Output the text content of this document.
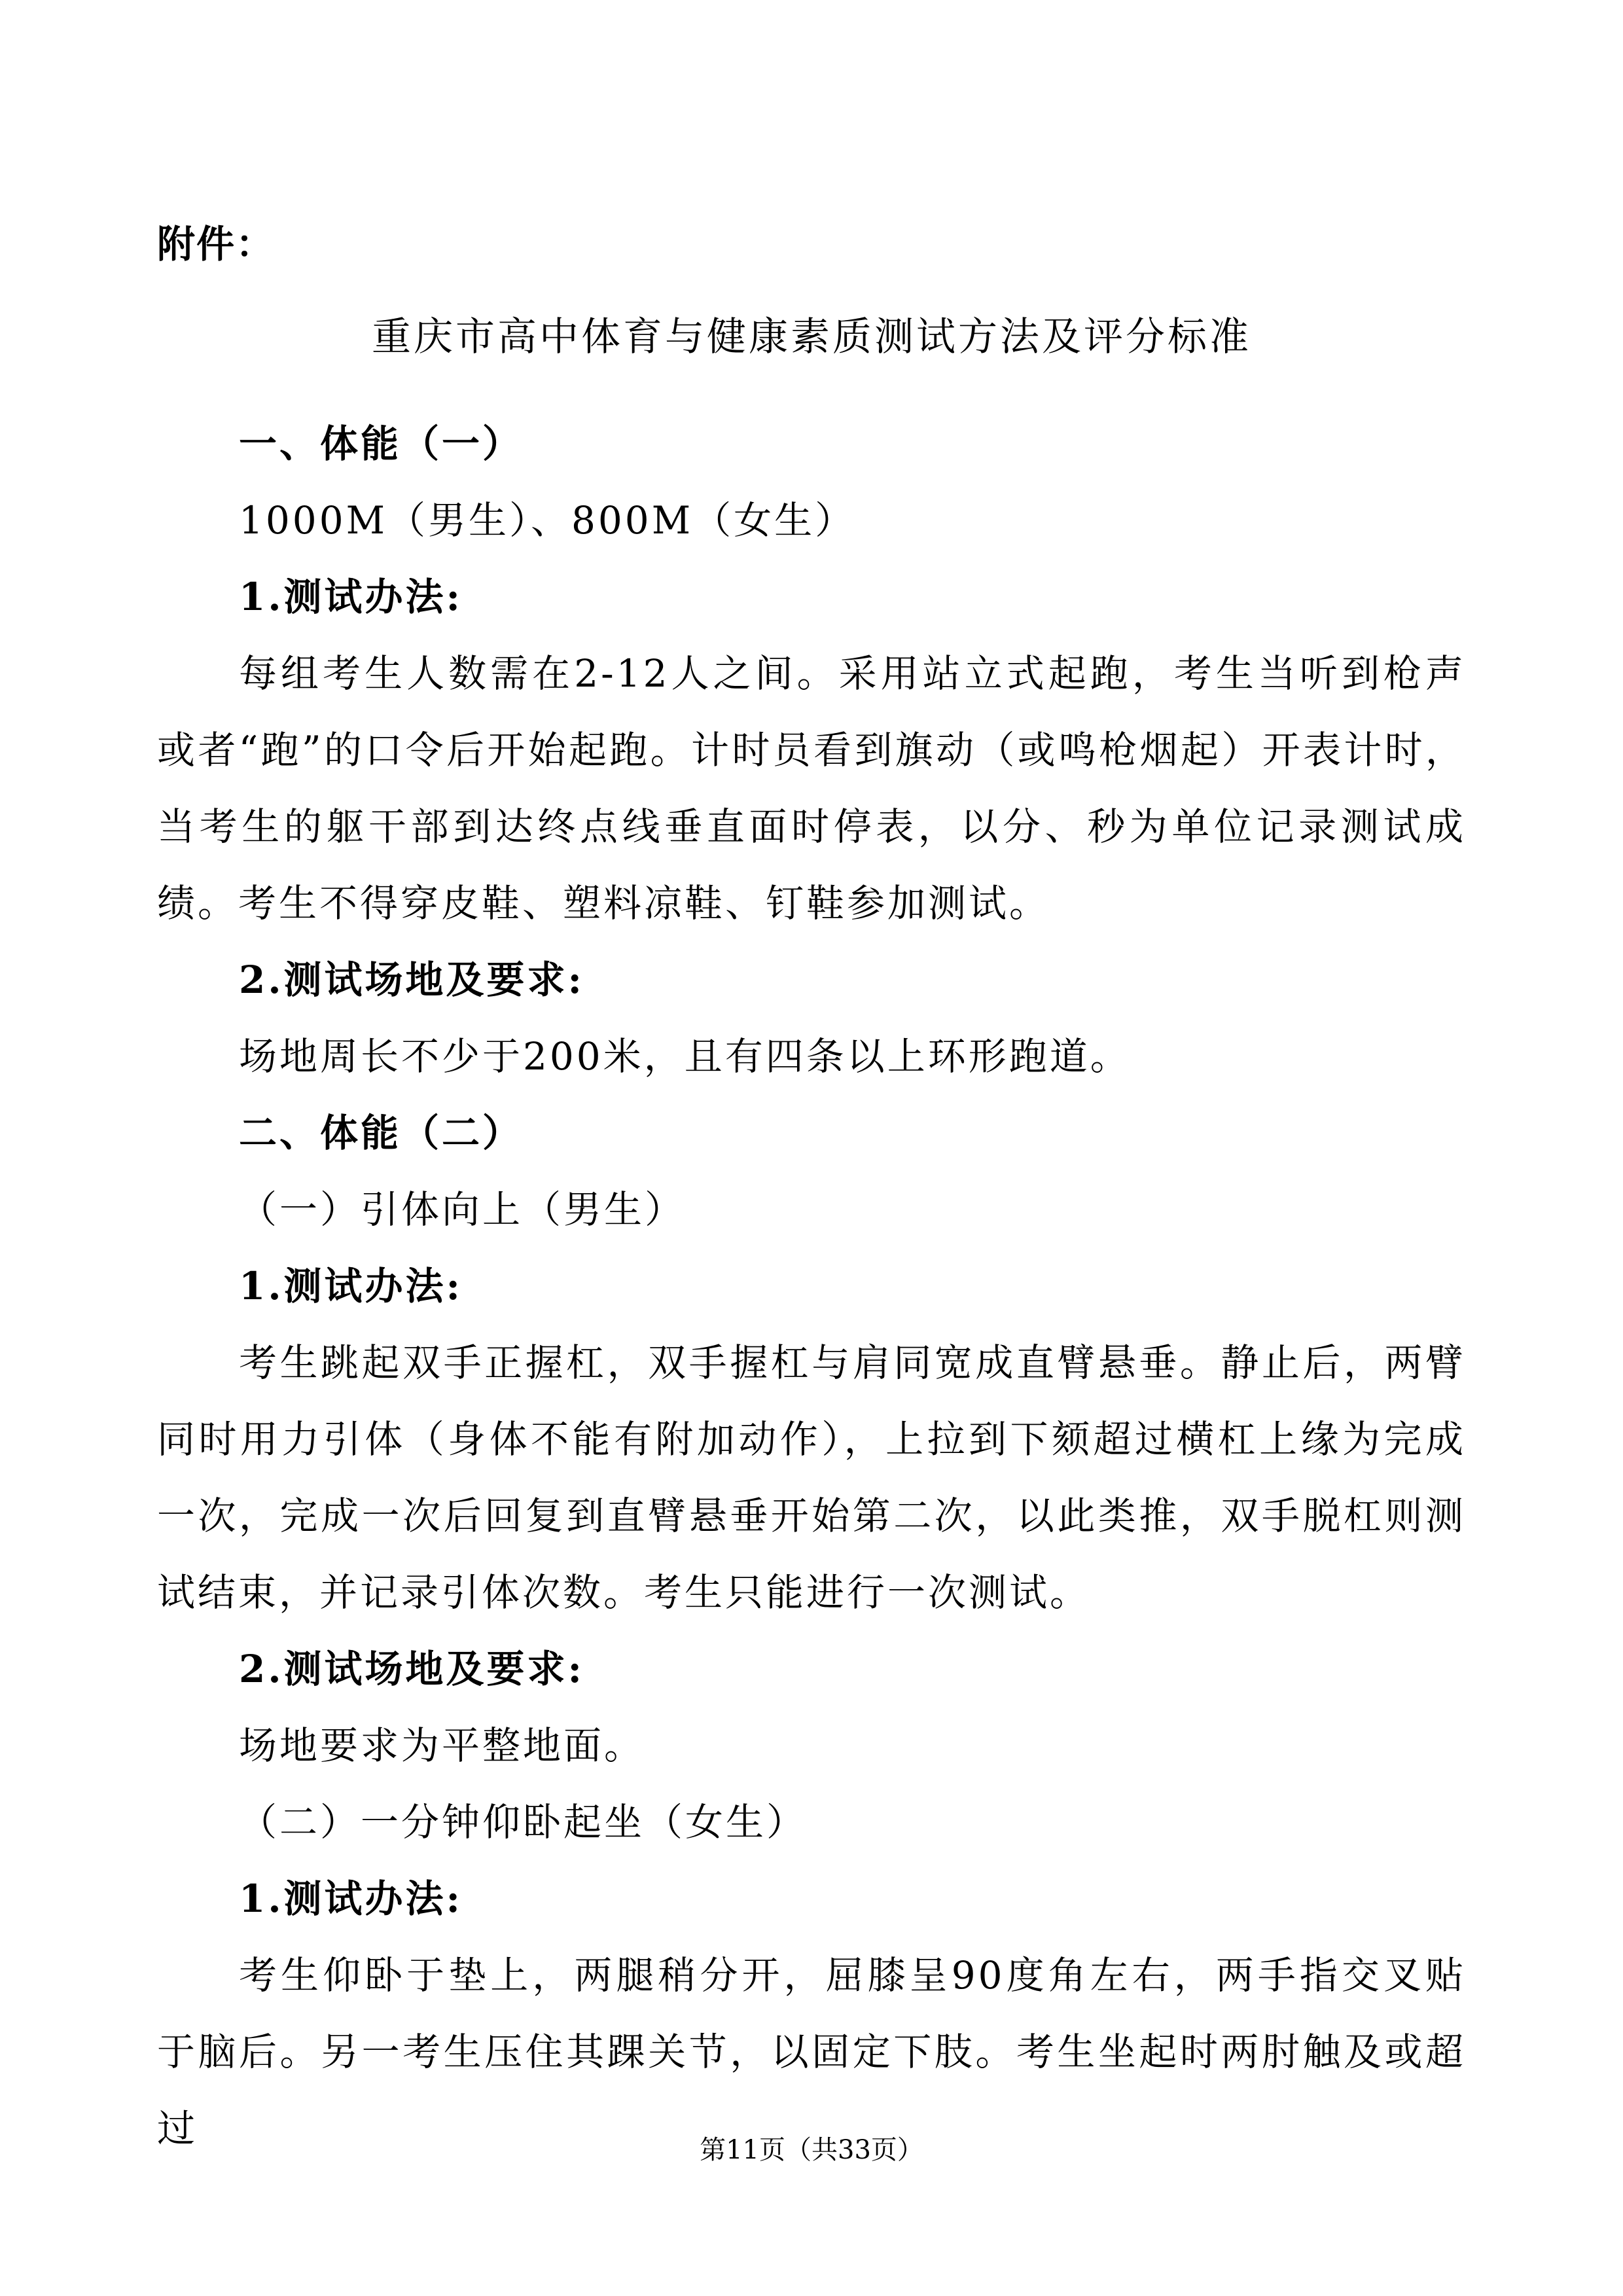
附件：
重庆市高中体育与健康素质测试方法及评分标准
一、体能（一）
1000M（男生）、800M（女生）
1.测试办法:

每组考生人数需在2-12人之间。采用站立式起跑，考生当听到枪声或者“跑”的口令后开始起跑。计时员看到旗动（或鸣枪烟起）开表计时，当考生的躯干部到达终点线垂直面时停表，以分、秒为单位记录测试成绩。考生不得穿皮鞋、塑料凉鞋、钉鞋参加测试。

2.测试场地及要求:
场地周长不少于200米，且有四条以上环形跑道。
二、体能（二）
（一）引体向上（男生）
1.测试办法:

考生跳起双手正握杠，双手握杠与肩同宽成直臂悬垂。静止后，两臂同时用力引体（身体不能有附加动作），上拉到下颏超过横杠上缘为完成一次，完成一次后回复到直臂悬垂开始第二次，以此类推，双手脱杠则测试结束，并记录引体次数。考生只能进行一次测试。

2.测试场地及要求:
场地要求为平整地面。
（二）一分钟仰卧起坐（女生）
1.测试办法:

考生仰卧于垫上，两腿稍分开，屈膝呈90度角左右，两手指交叉贴于脑后。另一考生压住其踝关节，以固定下肢。考生坐起时两肘触及或超过	第11页（共33页）
